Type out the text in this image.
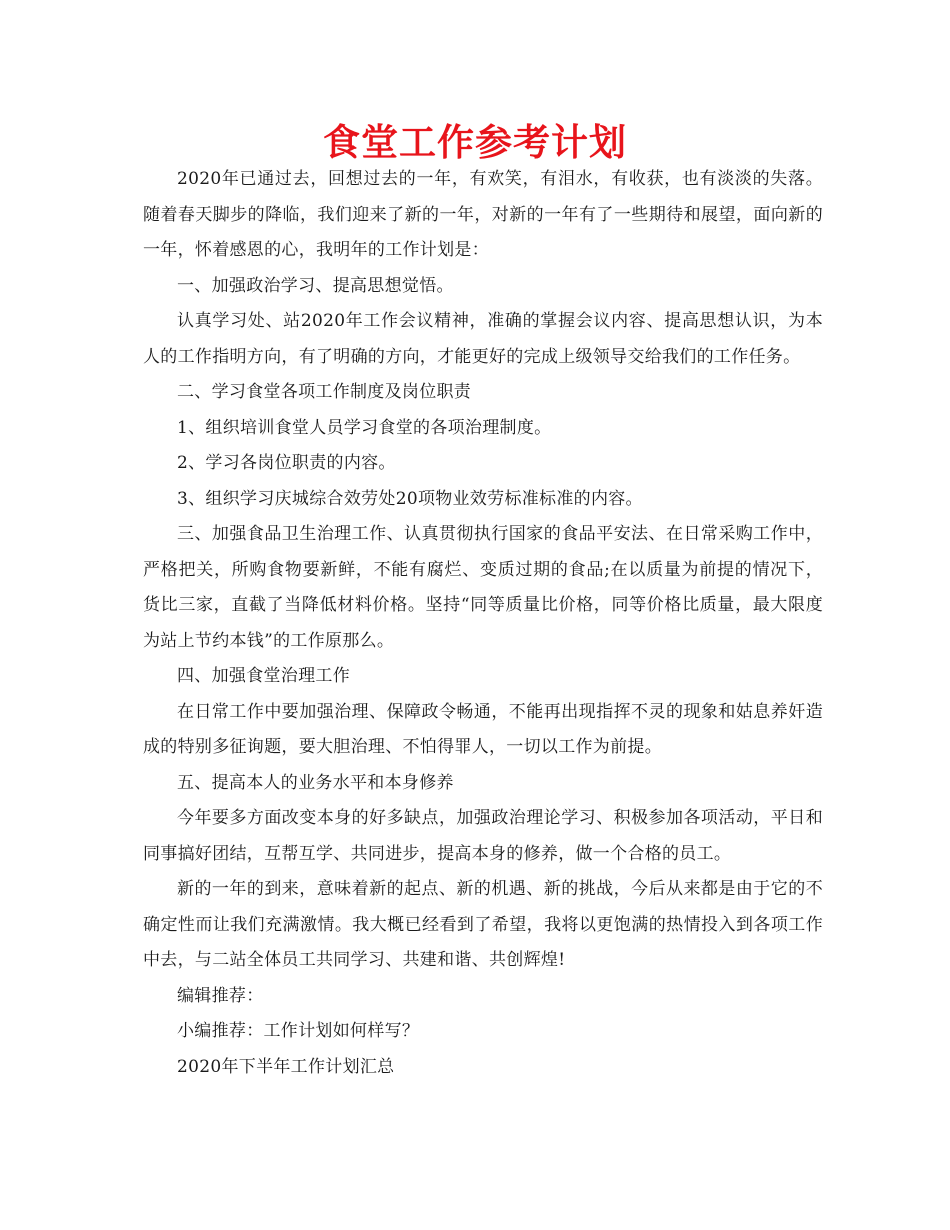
食堂工作参考计划

2020年已通过去，回想过去的一年，有欢笑，有泪水，有收获，也有淡淡的失落。随着春天脚步的降临，我们迎来了新的一年，对新的一年有了一些期待和展望，面向新的一年，怀着感恩的心，我明年的工作计划是：

一、加强政治学习、提高思想觉悟。

认真学习处、站2020年工作会议精神，准确的掌握会议内容、提高思想认识，为本人的工作指明方向，有了明确的方向，才能更好的完成上级领导交给我们的工作任务。

二、学习食堂各项工作制度及岗位职责

1、组织培训食堂人员学习食堂的各项治理制度。

2、学习各岗位职责的内容。

3、组织学习庆城综合效劳处20项物业效劳标准标准的内容。

三、加强食品卫生治理工作、认真贯彻执行国家的食品平安法、在日常采购工作中，严格把关，所购食物要新鲜，不能有腐烂、变质过期的食品;在以质量为前提的情况下，货比三家，直截了当降低材料价格。坚持“同等质量比价格，同等价格比质量，最大限度为站上节约本钱”的工作原那么。

四、加强食堂治理工作

在日常工作中要加强治理、保障政令畅通，不能再出现指挥不灵的现象和姑息养奸造成的特别多征询题，要大胆治理、不怕得罪人，一切以工作为前提。

五、提高本人的业务水平和本身修养

今年要多方面改变本身的好多缺点，加强政治理论学习、积极参加各项活动，平日和同事搞好团结，互帮互学、共同进步，提高本身的修养，做一个合格的员工。

新的一年的到来，意味着新的起点、新的机遇、新的挑战，今后从来都是由于它的不确定性而让我们充满激情。我大概已经看到了希望，我将以更饱满的热情投入到各项工作中去，与二站全体员工共同学习、共建和谐、共创辉煌!

编辑推荐：

小编推荐：工作计划如何样写？

2020年下半年工作计划汇总
